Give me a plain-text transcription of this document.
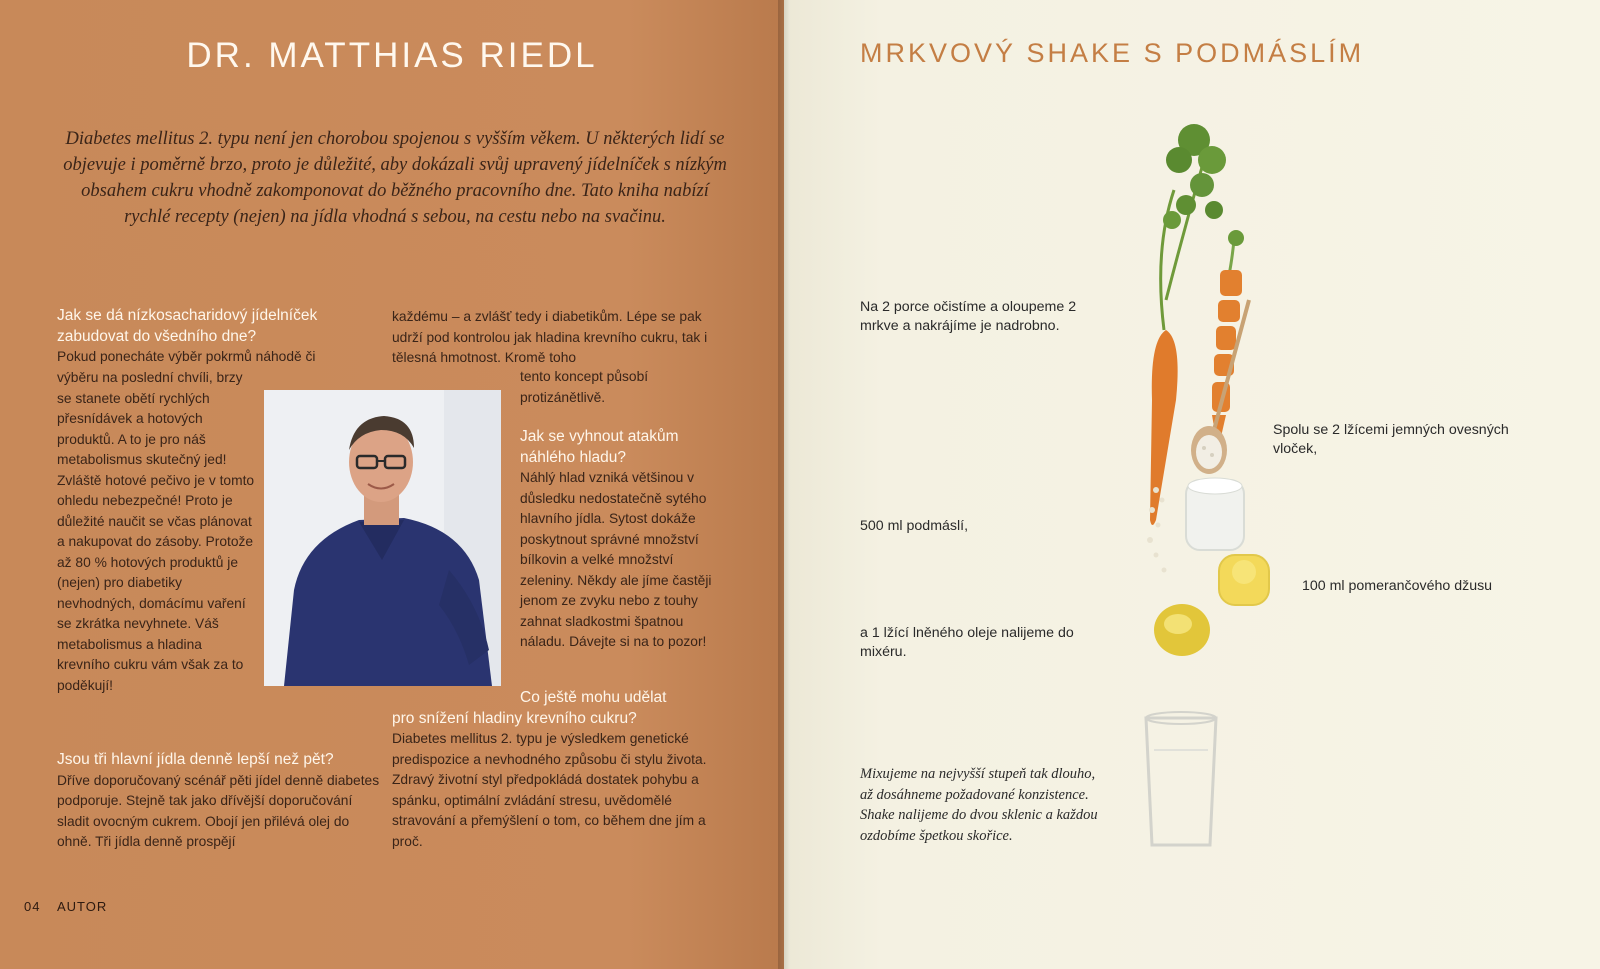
DR. MATTHIAS RIEDL

Diabetes mellitus 2. typu není jen chorobou spojenou s vyšším věkem. U některých lidí se objevuje i poměrně brzo, proto je důležité, aby dokázali svůj upravený jídelníček s nízkým obsahem cukru vhodně zakomponovat do běžného pracovního dne. Tato kniha nabízí rychlé recepty (nejen) na jídla vhodná s sebou, na cestu nebo na svačinu.

Jak se dá nízkosacharidový jídelníček zabudovat do všedního dne?
Pokud ponecháte výběr pokrmů náhodě či
výběru na poslední chvíli, brzy se stanete obětí rychlých přesnídávek a hotových produktů. A to je pro náš metabolismus skutečný jed! Zvláště hotové pečivo je v tomto ohledu nebezpečné! Proto je důležité naučit se včas plánovat a nakupovat do zásoby. Protože až 80 % hotových produktů je (nejen) pro diabetiky nevhodných, domácímu vaření se zkrátka nevyhnete. Váš metabolismus a hladina krevního cukru vám však za to poděkují!
Jsou tři hlavní jídla denně lepší než pět?
Dříve doporučovaný scénář pěti jídel denně diabetes podporuje. Stejně tak jako dřívější doporučování sladit ovocným cukrem. Obojí jen přilévá olej do ohně. Tři jídla denně prospějí
každému – a zvlášť tedy i diabetikům. Lépe se pak udrží pod kontrolou jak hladina krevního cukru, tak i tělesná hmotnost. Kromě toho
tento koncept působí protizánětlivě.
Jak se vyhnout atakům náhlého hladu?
Náhlý hlad vzniká většinou v důsledku nedostatečně sytého hlavního jídla. Sytost dokáže poskytnout správné množství bílkovin a velké množství zeleniny. Někdy ale jíme častěji jenom ze zvyku nebo z touhy zahnat sladkostmi špatnou náladu. Dávejte si na to pozor!
Co ještě mohu udělat
pro snížení hladiny krevního cukru?
Diabetes mellitus 2. typu je výsledkem genetické predispozice a nevhodného způsobu či stylu života. Zdravý životní styl předpokládá dostatek pohybu a spánku, optimální zvládání stresu, uvědomělé stravování a přemýšlení o tom, co během dne jím a proč.
04 AUTOR
MRKVOVÝ SHAKE S PODMÁSLÍM
Na 2 porce očistíme a oloupeme 2 mrkve a nakrájíme je nadrobno.
Spolu se 2 lžícemi jemných ovesných vloček,
500 ml podmáslí,
100 ml pomerančového džusu
a 1 lžící lněného oleje nalijeme do mixéru.
Mixujeme na nejvyšší stupeň tak dlouho, až dosáhneme požadované konzistence. Shake nalijeme do dvou sklenic a každou ozdobíme špetkou skořice.
